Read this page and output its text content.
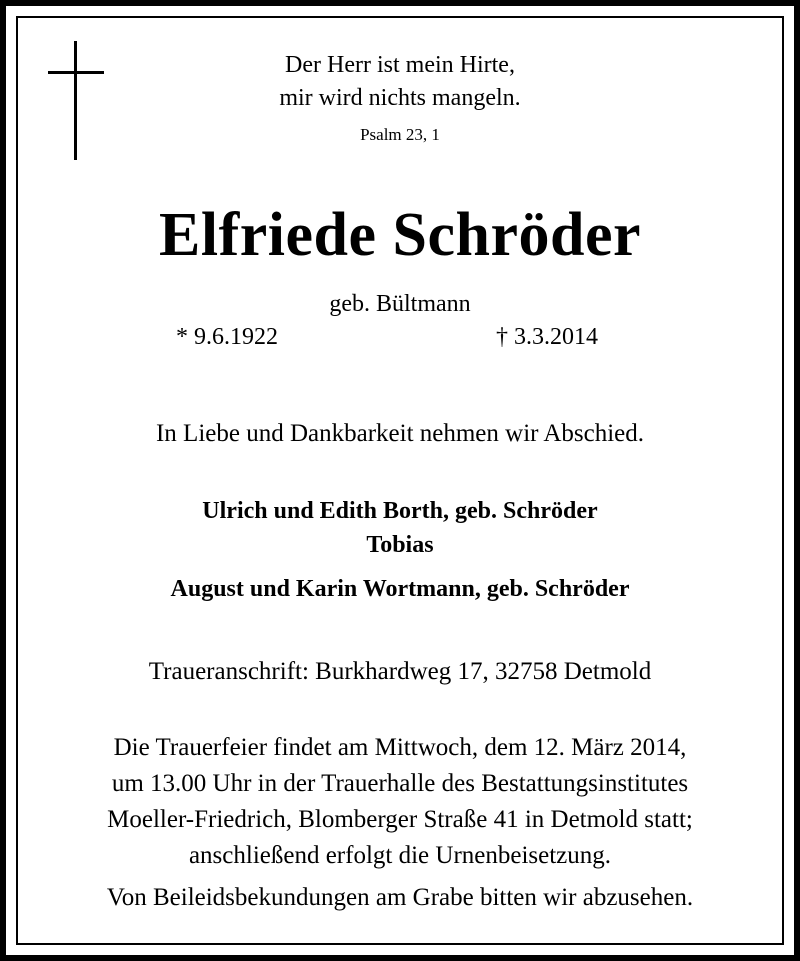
Der Herr ist mein Hirte,
mir wird nichts mangeln.
Psalm 23, 1
Elfriede Schröder
geb. Bültmann
* 9.6.1922	† 3.3.2014
In Liebe und Dankbarkeit nehmen wir Abschied.
Ulrich und Edith Borth, geb. Schröder
Tobias
August und Karin Wortmann, geb. Schröder
Traueranschrift: Burkhardweg 17, 32758 Detmold
Die Trauerfeier findet am Mittwoch, dem 12. März 2014,
um 13.00 Uhr in der Trauerhalle des Bestattungsinstitutes
Moeller-Friedrich, Blomberger Straße 41 in Detmold statt;
anschließend erfolgt die Urnenbeisetzung.
Von Beileidsbekundungen am Grabe bitten wir abzusehen.
